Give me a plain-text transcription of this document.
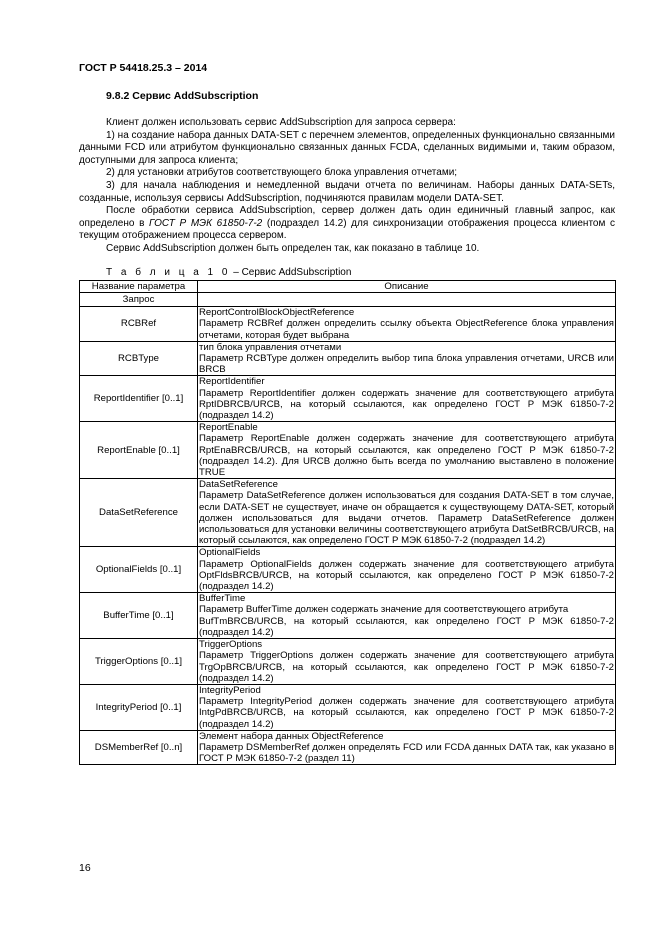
ГОСТ Р 54418.25.3 – 2014
9.8.2 Сервис AddSubscription

Клиент должен использовать сервис AddSubscription для запроса сервера:

1) на создание набора данных DATA-SET с перечнем элементов, определенных функционально связанными данными FCD или атрибутом функционально связанных данных FCDA, сделанных видимыми и, таким образом, доступными для запроса клиента;

2) для установки атрибутов соответствующего блока управления отчетами;

3) для начала наблюдения и немедленной выдачи отчета по величинам. Наборы данных DATA-SETs, созданные, используя сервисы AddSubscription, подчиняются правилам модели DATA-SET.

После обработки сервиса AddSubscription, сервер должен дать один единичный главный запрос, как определено в ГОСТ Р МЭК 61850-7-2 (подраздел 14.2) для синхронизации отображения процесса клиентом с текущим отображением процесса сервером.

Сервис AddSubscription должен быть определен так, как показано в таблице 10.

Т а б л и ц а 1 0 – Сервис AddSubscription
Название параметра	Описание
Запрос	
RCBRef	ReportControlBlockObjectReference
Параметр RCBRef должен определить ссылку объекта ObjectReference блока управления отчетами, которая будет выбрана

RCBType	тип блока управления отчетами
Параметр RCBType должен определить выбор типа блока управления отчетами, URCB или BRCB

ReportIdentifier [0..1]	ReportIdentifier
Параметр ReportIdentifier должен содержать значение для соответствующего атрибута RptIDBRCB/URCB, на который ссылаются, как определено ГОСТ Р МЭК 61850-7-2 (подраздел 14.2)

ReportEnable [0..1]	ReportEnable
Параметр ReportEnable должен содержать значение для соответствующего атрибута RptEnaBRCB/URCB, на который ссылаются, как определено ГОСТ Р МЭК 61850-7-2 (подраздел 14.2). Для URCB должно быть всегда по умолчанию выставлено в положение TRUE

DataSetReference	DataSetReference
Параметр DataSetReference должен использоваться для создания DATA-SET в том случае, если DATA-SET не существует, иначе он обращается к существующему DATA-SET, который должен использоваться для выдачи отчетов. Параметр DataSetReference должен использоваться для установки величины соответствующего атрибута DatSetBRCB/URCB, на который ссылаются, как определено ГОСТ Р МЭК 61850-7-2 (подраздел 14.2)

OptionalFields [0..1]	OptionalFields
Параметр OptionalFields должен содержать значение для соответствующего атрибута OptFldsBRCB/URCB, на который ссылаются, как определено ГОСТ Р МЭК 61850-7-2 (подраздел 14.2)

BufferTime [0..1]	BufferTime
Параметр BufferTime должен содержать значение для соответствующего атрибута
BufTmBRCB/URCB, на который ссылаются, как определено ГОСТ Р МЭК 61850-7-2 (подраздел 14.2)

TriggerOptions [0..1]	TriggerOptions
Параметр TriggerOptions должен содержать значение для соответствующего атрибута TrgOpBRCB/URCB, на который ссылаются, как определено ГОСТ Р МЭК 61850-7-2 (подраздел 14.2)

IntegrityPeriod [0..1]	IntegrityPeriod
Параметр IntegrityPeriod должен содержать значение для соответствующего атрибута IntgPdBRCB/URCB, на который ссылаются, как определено ГОСТ Р МЭК 61850-7-2 (подраздел 14.2)

DSMemberRef [0..n]	Элемент набора данных ObjectReference
Параметр DSMemberRef должен определять FCD или FCDA данных DATA так, как указано в ГОСТ Р МЭК 61850-7-2 (раздел 11)
16
